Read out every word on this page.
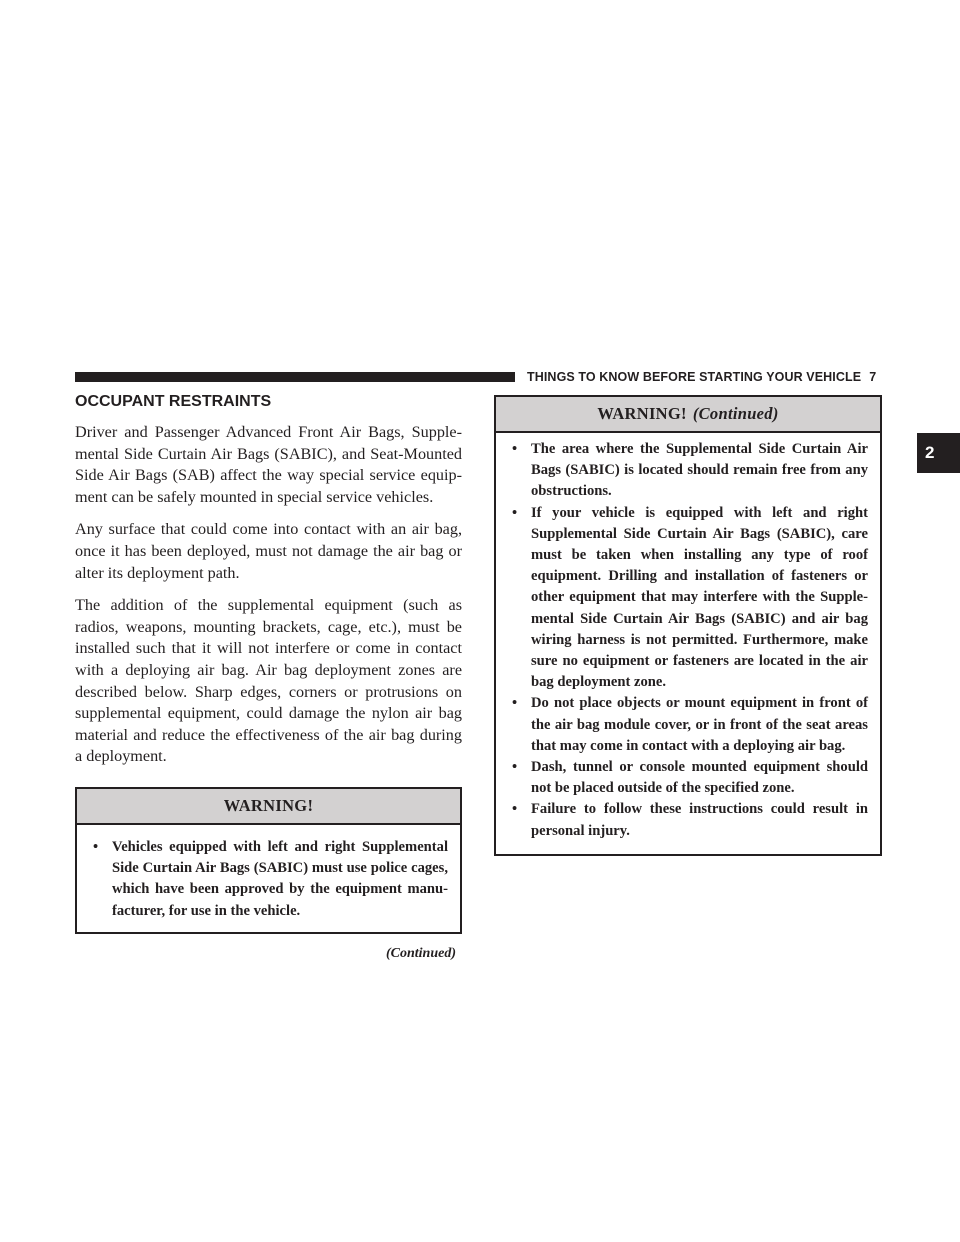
THINGS TO KNOW BEFORE STARTING YOUR VEHICLE 7
2
OCCUPANT RESTRAINTS

Driver and Passenger Advanced Front Air Bags, Supple-mental Side Curtain Air Bags (SABIC), and Seat-Mounted Side Air Bags (SAB) affect the way special service equip-ment can be safely mounted in special service vehicles.

Any surface that could come into contact with an air bag, once it has been deployed, must not damage the air bag or alter its deployment path.

The addition of the supplemental equipment (such as radios, weapons, mounting brackets, cage, etc.), must be installed such that it will not interfere or come in contact with a deploying air bag. Air bag deployment zones are described below. Sharp edges, corners or protrusions on supplemental equipment, could damage the nylon air bag material and reduce the effectiveness of the air bag during a deployment.

WARNING!
• Vehicles equipped with left and right Supplemental Side Curtain Air Bags (SABIC) must use police cages, which have been approved by the equipment manu-facturer, for use in the vehicle.
(Continued)
WARNING! (Continued)
• The area where the Supplemental Side Curtain Air Bags (SABIC) is located should remain free from any obstructions.
• If your vehicle is equipped with left and right Supplemental Side Curtain Air Bags (SABIC), care must be taken when installing any type of roof equipment. Drilling and installation of fasteners or other equipment that may interfere with the Supple-mental Side Curtain Air Bags (SABIC) and air bag wiring harness is not permitted. Furthermore, make sure no equipment or fasteners are located in the air bag deployment zone.
• Do not place objects or mount equipment in front of the air bag module cover, or in front of the seat areas that may come in contact with a deploying air bag.
• Dash, tunnel or console mounted equipment should not be placed outside of the specified zone.
• Failure to follow these instructions could result in personal injury.
